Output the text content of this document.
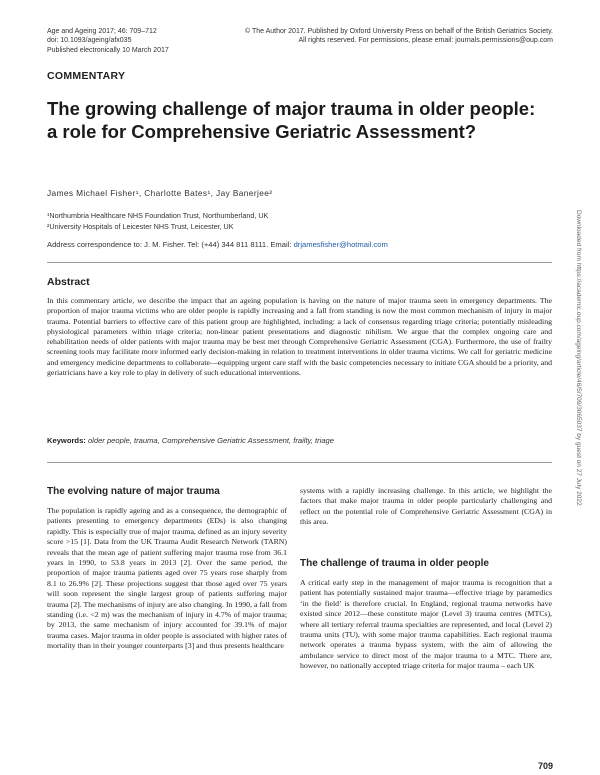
Age and Ageing 2017; 46: 709–712
doi: 10.1093/ageing/afx035
Published electronically 10 March 2017
© The Author 2017. Published by Oxford University Press on behalf of the British Geriatrics Society.
All rights reserved. For permissions, please email: journals.permissions@oup.com
COMMENTARY
The growing challenge of major trauma in older people: a role for Comprehensive Geriatric Assessment?
James Michael Fisher¹, Charlotte Bates¹, Jay Banerjee²
¹Northumbria Healthcare NHS Foundation Trust, Northumberland, UK
²University Hospitals of Leicester NHS Trust, Leicester, UK
Address correspondence to: J. M. Fisher. Tel: (+44) 344 811 8111. Email: drjamesfisher@hotmail.com
Abstract

In this commentary article, we describe the impact that an ageing population is having on the nature of major trauma seen in emergency departments. The proportion of major trauma victims who are older people is rapidly increasing and a fall from standing is now the most common mechanism of injury in major trauma. Potential barriers to effective care of this patient group are highlighted, including: a lack of consensus regarding triage criteria; potentially misleading physiological parameters within triage criteria; non-linear patient presentations and diagnostic nihilism. We argue that the complex ongoing care and rehabilitation needs of older patients with major trauma may be best met through Comprehensive Geriatric Assessment (CGA). Furthermore, the use of frailty screening tools may facilitate more informed early decision-making in relation to treatment interventions in older trauma victims. We call for geriatric medicine and emergency medicine departments to collaborate—equipping urgent care staff with the basic competencies necessary to initiate CGA should be a priority, and geriatricians have a key role to play in delivery of such educational interventions.

Keywords: older people, trauma, Comprehensive Geriatric Assessment, frailty, triage
The evolving nature of major trauma

The population is rapidly ageing and as a consequence, the demographic of patients presenting to emergency departments (EDs) is also changing rapidly. This is especially true of major trauma, defined as an injury severity score >15 [1]. Data from the UK Trauma Audit Research Network (TARN) reveals that the mean age of patient suffering major trauma rose from 36.1 years in 1990, to 53.8 years in 2013 [2]. Over the same period, the proportion of major trauma patients aged over 75 years rose sharply from 8.1 to 26.9% [2]. These projections suggest that those aged over 75 years will soon represent the single largest group of patients suffering major trauma [2]. The mechanisms of injury are also changing. In 1990, a fall from standing (i.e. <2 m) was the mechanism of injury in 4.7% of major trauma; by 2013, the same mechanism of injury accounted for 39.1% of major trauma cases. Major trauma in older people is associated with higher rates of mortality than in their younger counterparts [3] and thus presents healthcare

systems with a rapidly increasing challenge. In this article, we highlight the factors that make major trauma in older people particularly challenging and reflect on the potential role of Comprehensive Geriatric Assessment (CGA) in this area.

The challenge of trauma in older people

A critical early step in the management of major trauma is recognition that a patient has potentially sustained major trauma—effective triage by paramedics ‘in the field’ is therefore crucial. In England, regional trauma networks have existed since 2012—these constitute major (Level 3) trauma centres (MTCs), where all tertiary referral trauma specialties are represented, and local (Level 2) trauma units (TU), with some major trauma capabilities. Each regional trauma network operates a trauma bypass system, with the aim of allowing the ambulance service to direct most of the major trauma to a MTC. There are, however, no nationally accepted triage criteria for major trauma – each UK

709
Downloaded from https://academic.oup.com/ageing/article/46/5/709/3065037 by guest on 27 July 2022
